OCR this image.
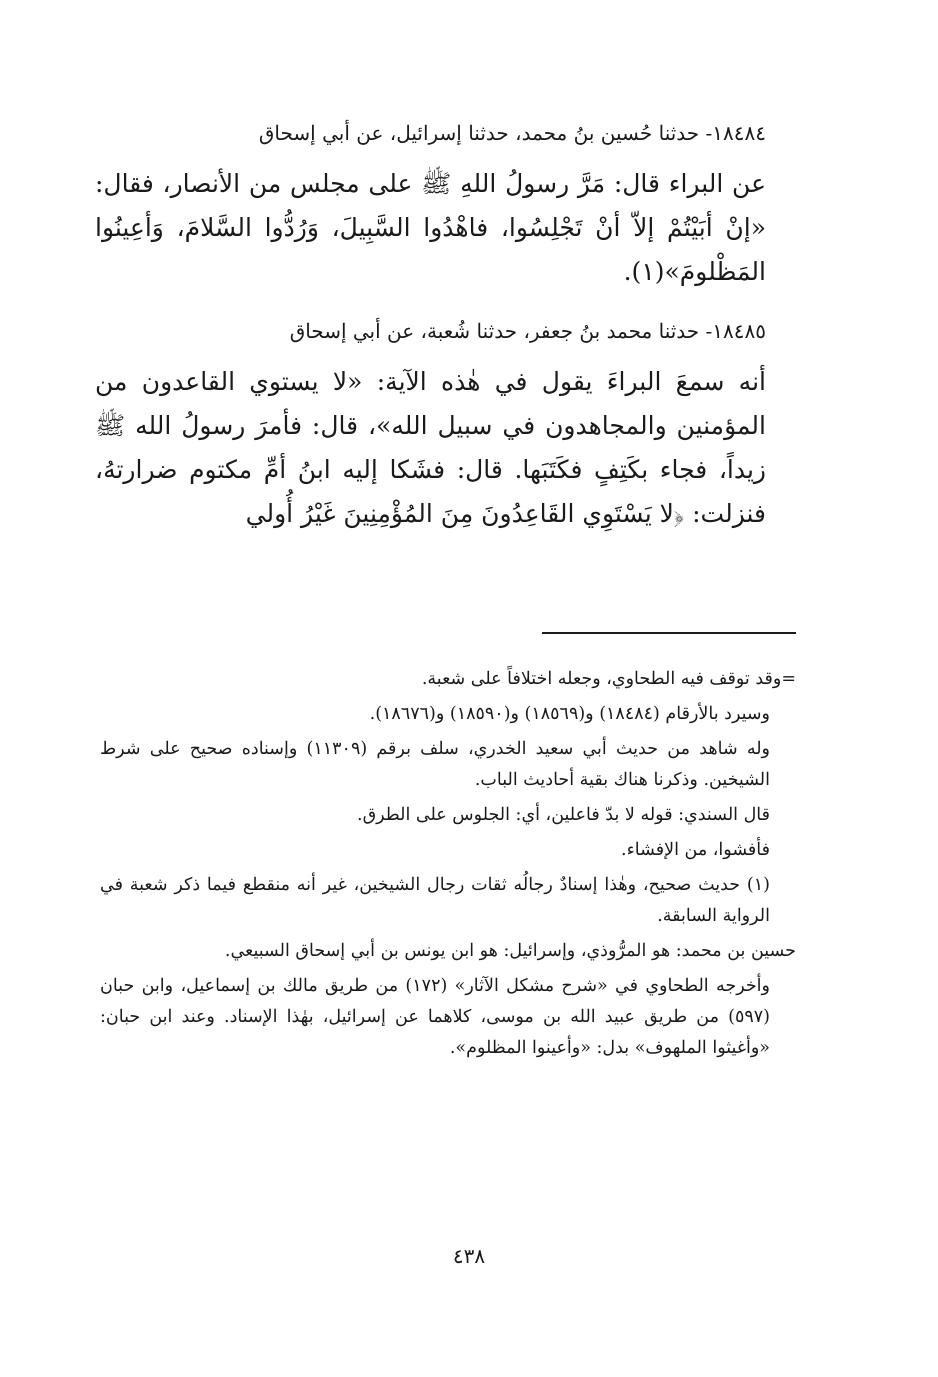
١٨٤٨٤- حدثنا حُسين بنُ محمد، حدثنا إسرائيل، عن أبي إسحاق

عن البراء قال: مَرَّ رسولُ اللهِ ﷺ على مجلس من الأنصار، فقال: «إنْ أبَيْتُمْ إلاّ أنْ تَجْلِسُوا، فاهْدُوا السَّبِيلَ، وَرُدُّوا السَّلامَ، وَأعِينُوا المَظْلومَ»(١).

١٨٤٨٥- حدثنا محمد بنُ جعفر، حدثنا شُعبة، عن أبي إسحاق

أنه سمعَ البراءَ يقول في هٰذه الآية: «لا يستوي القاعدون من المؤمنين والمجاهدون في سبيل الله»، قال: فأمرَ رسولُ الله ﷺ زيداً، فجاء بكَتِفٍ فكَتَبَها. قال: فشَكا إليه ابنُ أمِّ مكتوم ضرارتهُ، فنزلت: ﴿لا يَسْتَوِي القَاعِدُونَ مِنَ المُؤْمِنِينَ غَيْرُ أُولي

=وقد توقف فيه الطحاوي، وجعله اختلافاً على شعبة.

وسيرد بالأرقام (١٨٤٨٤) و(١٨٥٦٩) و(١٨٥٩٠) و(١٨٦٧٦).

وله شاهد من حديث أبي سعيد الخدري، سلف برقم (١١٣٠٩) وإسناده صحيح على شرط الشيخين. وذكرنا هناك بقية أحاديث الباب.

قال السندي: قوله لا بدّ فاعلين، أي: الجلوس على الطرق.

فأفشوا، من الإفشاء.

(١) حديث صحيح، وهٰذا إسنادٌ رجالُه ثقات رجال الشيخين، غير أنه منقطع فيما ذكر شعبة في الرواية السابقة.

حسين بن محمد: هو المرُّوذي، وإسرائيل: هو ابن يونس بن أبي إسحاق السبيعي.

وأخرجه الطحاوي في «شرح مشكل الآثار» (١٧٢) من طريق مالك بن إسماعيل، وابن حبان (٥٩٧) من طريق عبيد الله بن موسى، كلاهما عن إسرائيل، بهٰذا الإسناد. وعند ابن حبان: «وأغيثوا الملهوف» بدل: «وأعينوا المظلوم».

٤٣٨
